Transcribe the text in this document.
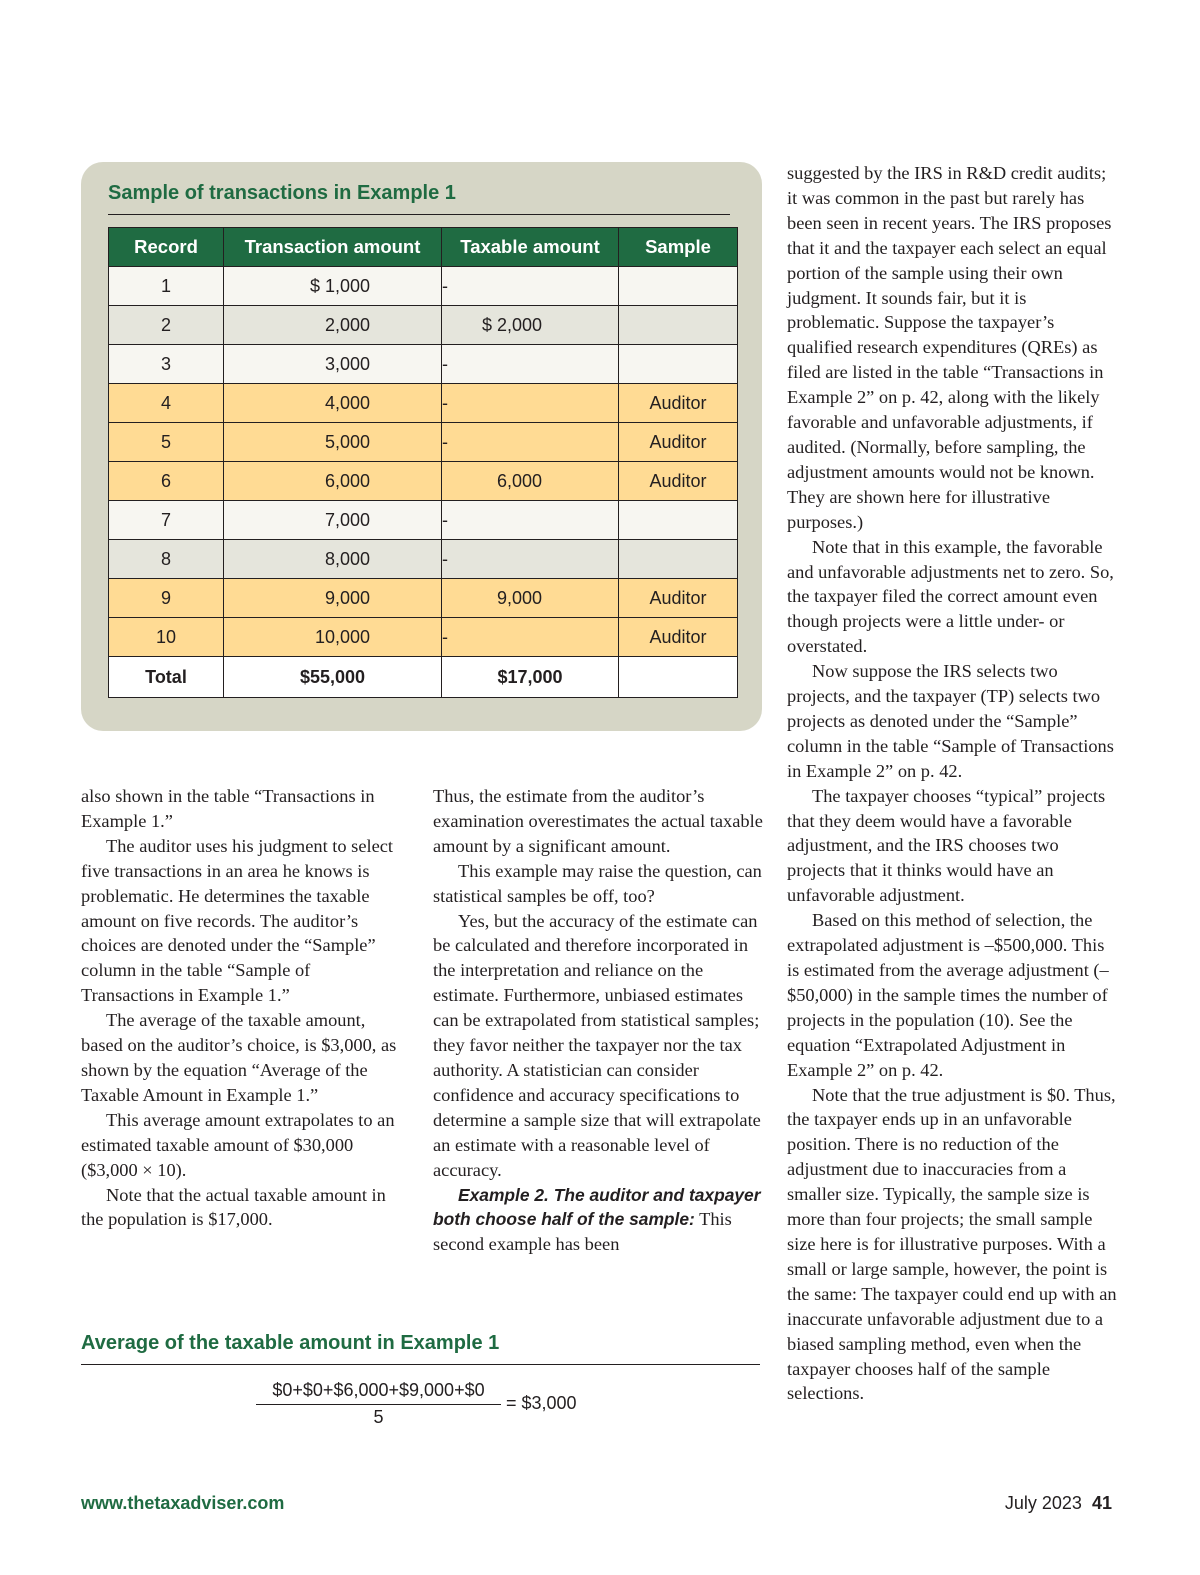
Sample of transactions in Example 1
Record	Transaction amount	Taxable amount	Sample
1	$ 1,000	-	
2	2,000	$ 2,000	
3	3,000	-	
4	4,000	-	Auditor
5	5,000	-	Auditor
6	6,000	6,000	Auditor
7	7,000	-	
8	8,000	-	
9	9,000	9,000	Auditor
10	10,000	-	Auditor
Total	$55,000	$17,000	

also shown in the table “Transactions in Example 1.”

The auditor uses his judgment to select five transactions in an area he knows is problematic. He determines the taxable amount on five records. The auditor’s choices are denoted under the “Sample” column in the table “Sample of Transactions in Example 1.”

The average of the taxable amount, based on the auditor’s choice, is $3,000, as shown by the equation “Average of the Taxable Amount in Example 1.”

This average amount extrapolates to an estimated taxable amount of $30,000 ($3,000 × 10).

Note that the actual taxable amount in the population is $17,000.

Thus, the estimate from the auditor’s examination overestimates the actual taxable amount by a significant amount.

This example may raise the question, can statistical samples be off, too?

Yes, but the accuracy of the estimate can be calculated and therefore incorporated in the interpretation and reliance on the estimate. Furthermore, unbiased estimates can be extrapolated from statistical samples; they favor neither the taxpayer nor the tax authority. A statistician can consider confidence and accuracy specifications to determine a sample size that will extrapolate an estimate with a reasonable level of accuracy.

Example 2. The auditor and taxpayer both choose half of the sample: This second example has been

suggested by the IRS in R&D credit audits; it was common in the past but rarely has been seen in recent years. The IRS proposes that it and the taxpayer each select an equal portion of the sample using their own judgment. It sounds fair, but it is problematic. Suppose the taxpayer’s qualified research expenditures (QREs) as filed are listed in the table “Transactions in Example 2” on p. 42, along with the likely favorable and unfavorable adjustments, if audited. (Normally, before sampling, the adjustment amounts would not be known. They are shown here for illustrative purposes.)

Note that in this example, the favorable and unfavorable adjustments net to zero. So, the taxpayer filed the correct amount even though projects were a little under- or overstated.

Now suppose the IRS selects two projects, and the taxpayer (TP) selects two projects as denoted under the “Sample” column in the table “Sample of Transactions in Example 2” on p. 42.

The taxpayer chooses “typical” projects that they deem would have a favorable adjustment, and the IRS chooses two projects that it thinks would have an unfavorable adjustment.

Based on this method of selection, the extrapolated adjustment is –$500,000. This is estimated from the average adjustment (–$50,000) in the sample times the number of projects in the population (10). See the equation “Extrapolated Adjustment in Example 2” on p. 42.

Note that the true adjustment is $0. Thus, the taxpayer ends up in an unfavorable position. There is no reduction of the adjustment due to inaccuracies from a smaller size. Typically, the sample size is more than four projects; the small sample size here is for illustrative purposes. With a small or large sample, however, the point is the same: The taxpayer could end up with an inaccurate unfavorable adjustment due to a biased sampling method, even when the taxpayer chooses half of the sample selections.

Average of the taxable amount in Example 1
$0+$0+$6,000+$9,000+$0
5
= $3,000
www.thetaxadviser.com	July 2023 41
